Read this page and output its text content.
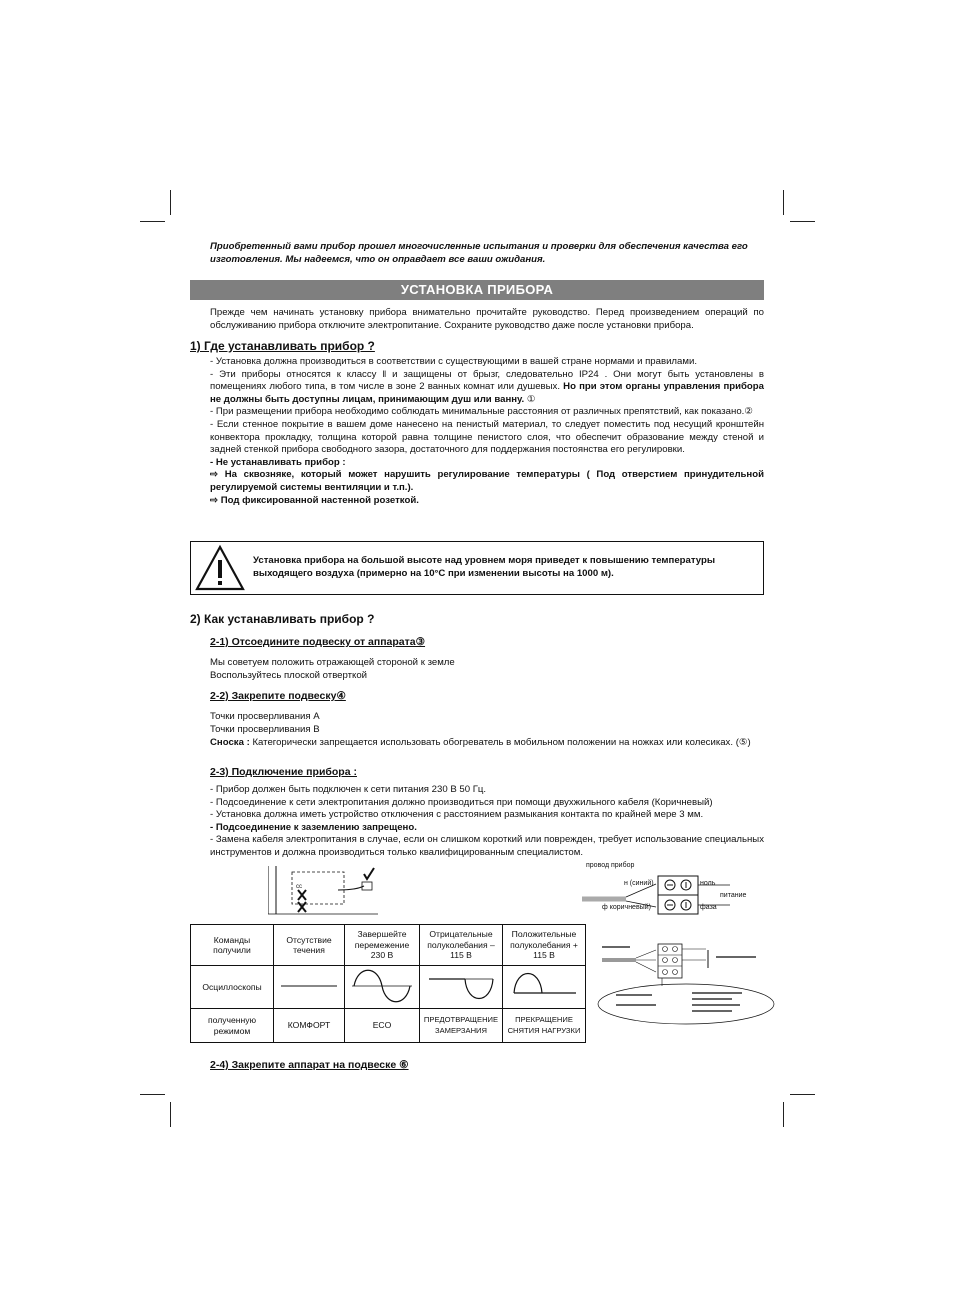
Приобретенный вами прибор прошел многочисленные испытания и проверки для обеспечения качества его изготовления. Мы надеемся, что он оправдает все ваши ожидания.

УСТАНОВКА ПРИБОРА

Прежде чем начинать установку прибора внимательно прочитайте руководство. Перед произведением операций по обслуживанию прибора отключите электропитание. Сохраните руководство даже после установки прибора.

1) Где устанавливать прибор ?

- Установка должна производиться в соответствии с существующими в вашей стране нормами и правилами.

- Эти приборы относятся к классу ‖ и защищены от брызг, следовательно IP24 . Они могут быть установлены в помещениях любого типа, в том числе в зоне 2 ванных комнат или душевых. Но при этом органы управления прибора не должны быть доступны лицам, принимающим душ или ванну. ①

- При размещении прибора необходимо соблюдать минимальные расстояния от различных препятствий, как показано.②

- Если стенное покрытие в вашем доме нанесено на пенистый материал, то следует поместить под несущий кронштейн конвектора прокладку, толщина которой равна толщине пенистого слоя, что обеспечит образование между стеной и задней стенкой прибора свободного зазора, достаточного для поддержания постоянства его регулировки.

- Не устанавливать прибор :

⇨ На сквозняке, который может нарушить регулирование температуры ( Под отверстием принудительной регулируемой системы вентиляции и т.п.).

⇨ Под фиксированной настенной розеткой.

Установка прибора на большой высоте над уровнем моря приведет к повышению температуры выходящего воздуха (примерно на 10°C при изменении высоты на 1000 м).

2) Как устанавливать прибор ?
2-1) Отсоедините подвеску от аппарата③

Мы советуем положить отражающей стороной к земле

Воспользуйтесь плоской отверткой

2-2) Закрепите подвеску④

Точки просверливания A

Точки просверливания B

Сноска : Категорически запрещается использовать обогреватель в мобильном положении на ножках или колесиках. (⑤)

2-3) Подключение прибора :

- Прибор должен быть подключен к сети питания 230 В 50 Гц.

- Подсоединение к сети электропитания должно производиться при помощи двухжильного кабеля (Коричневый)

- Установка должна иметь устройство отключения с расстоянием размыкания контакта по крайней мере 3 мм.

- Подсоединение к заземлению запрещено.

- Замена кабеля электропитания в случае, если он слишком короткий или поврежден, требует использование специальных инструментов и должна производиться только квалифицированным специалистом.

cc
провод прибор
н (синий)
ф коричневый)
ноль
питание
фаза
Команды получили	Отсутствие течения	Завершейте перемежение 230 В	Отрицательные полуколебания – 115 В	Положительные полуколебания + 115 В
Осциллоскопы				
полученную режимом	КОМФОРТ	ECO	ПРЕДОТВРАЩЕНИЕ ЗАМЕРЗАНИЯ	ПРЕКРАЩЕНИЕ СНЯТИЯ НАГРУЗКИ
2-4) Закрепите аппарат на подвеске ⑥
